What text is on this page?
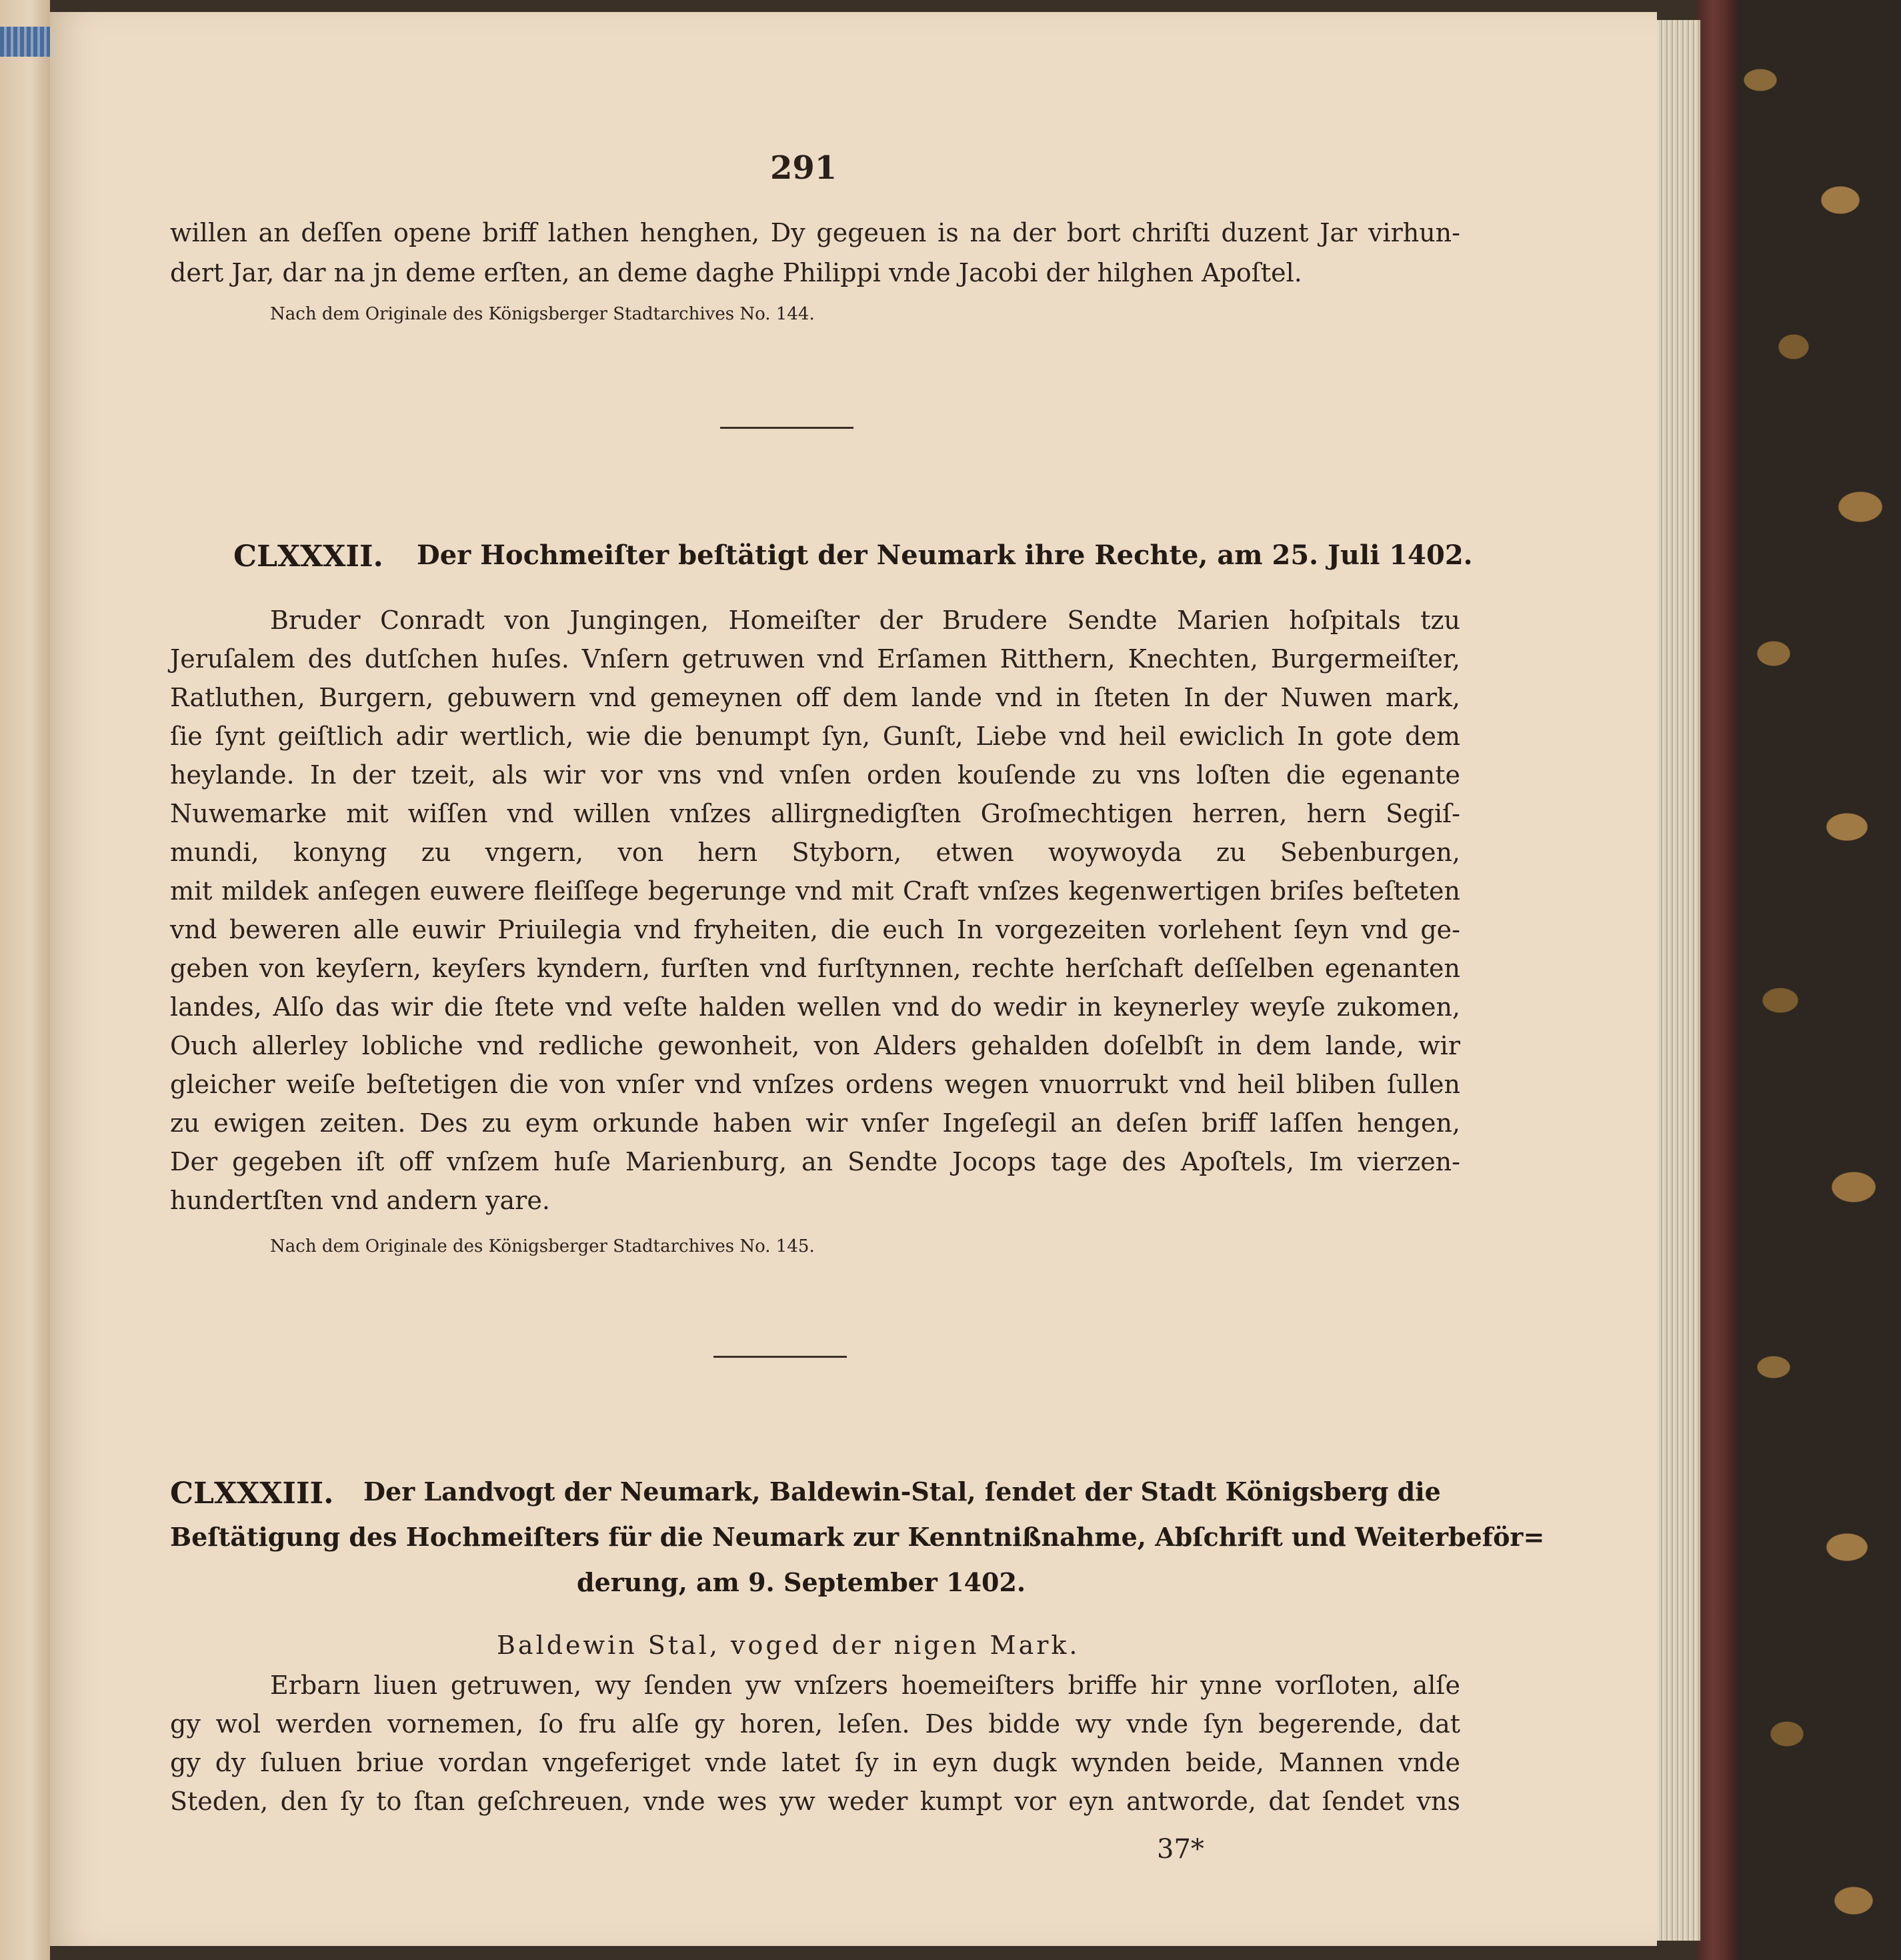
291
willen an deſſen opene briff lathen henghen, Dy gegeuen is na der bort chriſti duzent Jar virhun-
dert Jar, dar na jn deme erſten, an deme daghe Philippi vnde Jacobi der hilghen Apoſtel.
Nach dem Originale des Königsberger Stadtarchives No. 144.
CLXXXII. Der Hochmeiſter beſtätigt der Neumark ihre Rechte, am 25. Juli 1402.
Bruder Conradt von Jungingen, Homeiſter der Brudere Sendte Marien hoſpitals tzu
Jeruſalem des dutſchen huſes. Vnſern getruwen vnd Erſamen Ritthern, Knechten, Burgermeiſter,
Ratluthen, Burgern, gebuwern vnd gemeynen off dem lande vnd in ſteten In der Nuwen mark,
ſie ſynt geiſtlich adir wertlich, wie die benumpt ſyn, Gunſt, Liebe vnd heil ewiclich In gote dem
heylande. In der tzeit, als wir vor vns vnd vnſen orden kouſende zu vns loſten die egenante
Nuwemarke mit wiſſen vnd willen vnſzes allirgnedigſten Groſmechtigen herren, hern Segiſ-
mundi, konyng zu vngern, von hern Styborn, etwen woywoyda zu Sebenburgen,
mit mildek anſegen euwere fleiſſege begerunge vnd mit Craft vnſzes kegenwertigen briſes beſteten
vnd beweren alle euwir Priuilegia vnd fryheiten, die euch In vorgezeiten vorlehent ſeyn vnd ge-
geben von keyſern, keyſers kyndern, furſten vnd furſtynnen, rechte herſchaft deſſelben egenanten
landes, Alſo das wir die ſtete vnd veſte halden wellen vnd do wedir in keynerley weyſe zukomen,
Ouch allerley lobliche vnd redliche gewonheit, von Alders gehalden doſelbſt in dem lande, wir
gleicher weiſe beſtetigen die von vnſer vnd vnſzes ordens wegen vnuorrukt vnd heil bliben ſullen
zu ewigen zeiten. Des zu eym orkunde haben wir vnſer Ingeſegil an deſen briff laſſen hengen,
Der gegeben iſt off vnſzem huſe Marienburg, an Sendte Jocops tage des Apoſtels, Im vierzen-
hundertſten vnd andern yare.
Nach dem Originale des Königsberger Stadtarchives No. 145.
CLXXXIII. Der Landvogt der Neumark, Baldewin-Stal, ſendet der Stadt Königsberg die
Beſtätigung des Hochmeiſters für die Neumark zur Kenntnißnahme, Abſchrift und Weiterbeför=
derung, am 9. September 1402.
Baldewin Stal, voged der nigen Mark.
Erbarn liuen getruwen, wy ſenden yw vnſzers hoemeiſters briffe hir ynne vorſloten, alſe
gy wol werden vornemen, ſo fru alſe gy horen, leſen. Des bidde wy vnde ſyn begerende, dat
gy dy ſuluen briue vordan vngeferiget vnde latet ſy in eyn dugk wynden beide, Mannen vnde
Steden, den ſy to ſtan geſchreuen, vnde wes yw weder kumpt vor eyn antworde, dat ſendet vns
37*
